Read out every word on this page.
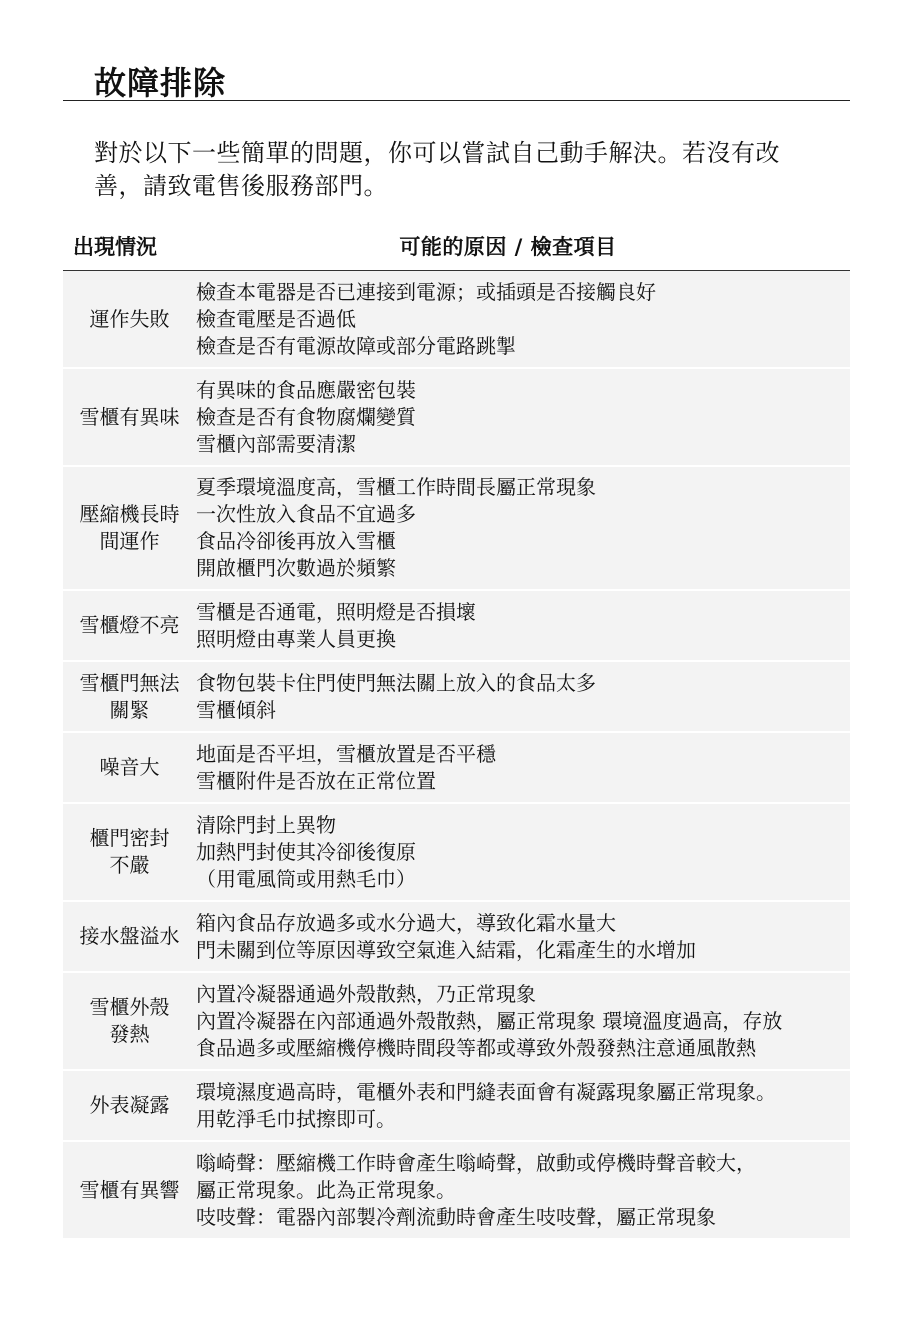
故障排除
對於以下一些簡單的問題，你可以嘗試自己動手解決。若沒有改
善，請致電售後服務部門。
出現情況	可能的原因 / 檢查項目
運作失敗
檢查本電器是否已連接到電源；或插頭是否接觸良好
檢查電壓是否過低
檢查是否有電源故障或部分電路跳掣
雪櫃有異味
有異味的食品應嚴密包裝
檢查是否有食物腐爛變質
雪櫃內部需要清潔
壓縮機長時
間運作
夏季環境溫度高，雪櫃工作時間長屬正常現象
一次性放入食品不宜過多
食品冷卻後再放入雪櫃
開啟櫃門次數過於頻繁
雪櫃燈不亮
雪櫃是否通電，照明燈是否損壞
照明燈由專業人員更換
雪櫃門無法
關緊
食物包裝卡住門使門無法關上放入的食品太多
雪櫃傾斜
噪音大
地面是否平坦，雪櫃放置是否平穩
雪櫃附件是否放在正常位置
櫃門密封
不嚴
清除門封上異物
加熱門封使其冷卻後復原
（用電風筒或用熱毛巾）
接水盤溢水
箱內食品存放過多或水分過大，導致化霜水量大
門未關到位等原因導致空氣進入結霜，化霜產生的水增加
雪櫃外殼
發熱
內置冷凝器通過外殼散熱，乃正常現象
內置冷凝器在內部通過外殼散熱，屬正常現象 環境溫度過高，存放
食品過多或壓縮機停機時間段等都或導致外殼發熱注意通風散熱
外表凝露
環境濕度過高時，電櫃外表和門縫表面會有凝露現象屬正常現象。
用乾淨毛巾拭擦即可。
雪櫃有異響
嗡崎聲：壓縮機工作時會產生嗡崎聲，啟動或停機時聲音較大，
屬正常現象。此為正常現象。
吱吱聲：電器內部製冷劑流動時會產生吱吱聲，屬正常現象
